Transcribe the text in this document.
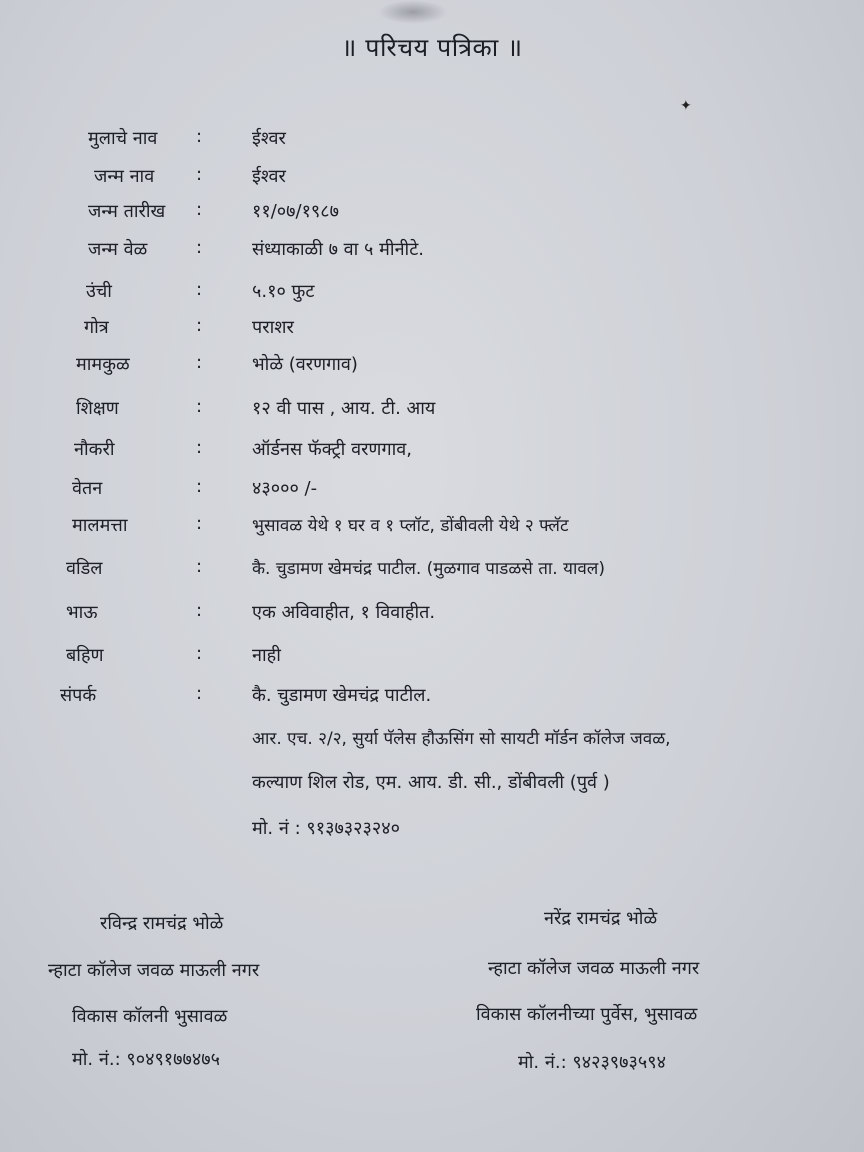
✦
॥ परिचय पत्रिका ॥
मुलाचे नाव :	ईश्वर
जन्म नाव :	ईश्वर
जन्म तारीख :	११/०७/१९८७
जन्म वेळ	:	संध्याकाळी ७ वा ५ मीनीटे.
उंची	:	५.१० फुट
गोत्र	:	पराशर
मामकुळ	:	भोळे (वरणगाव)
शिक्षण	:	१२ वी पास , आय. टी. आय
नौकरी	:	ऑर्डनस फॅक्ट्री वरणगाव,
वेतन	:	४३००० /-
मालमत्ता	:	भुसावळ येथे १ घर व १ प्लॉट, डोंबीवली येथे २ फ्लॅट
वडिल	:	कै. चुडामण खेमचंद्र पाटील. (मुळगाव पाडळसे ता. यावल)
भाऊ	:	एक अविवाहीत, १ विवाहीत.
बहिण	:	नाही
संपर्क	:	कै. चुडामण खेमचंद्र पाटील.
आर. एच. २/२, सुर्या पॅलेस हौऊसिंग सो सायटी मॉर्डन कॉलेज जवळ,
कल्याण शिल रोड, एम. आय. डी. सी., डोंबीवली (पुर्व )
मो. नं : ९१३७३२३२४०
रविन्द्र रामचंद्र भोळे
न्हाटा कॉलेज जवळ माऊली नगर
विकास कॉलनी भुसावळ
मो. नं.: ९०४९१७७४७५
नरेंद्र रामचंद्र भोळे
न्हाटा कॉलेज जवळ माऊली नगर
विकास कॉलनीच्या पुर्वेस, भुसावळ
मो. नं.: ९४२३९७३५९४
